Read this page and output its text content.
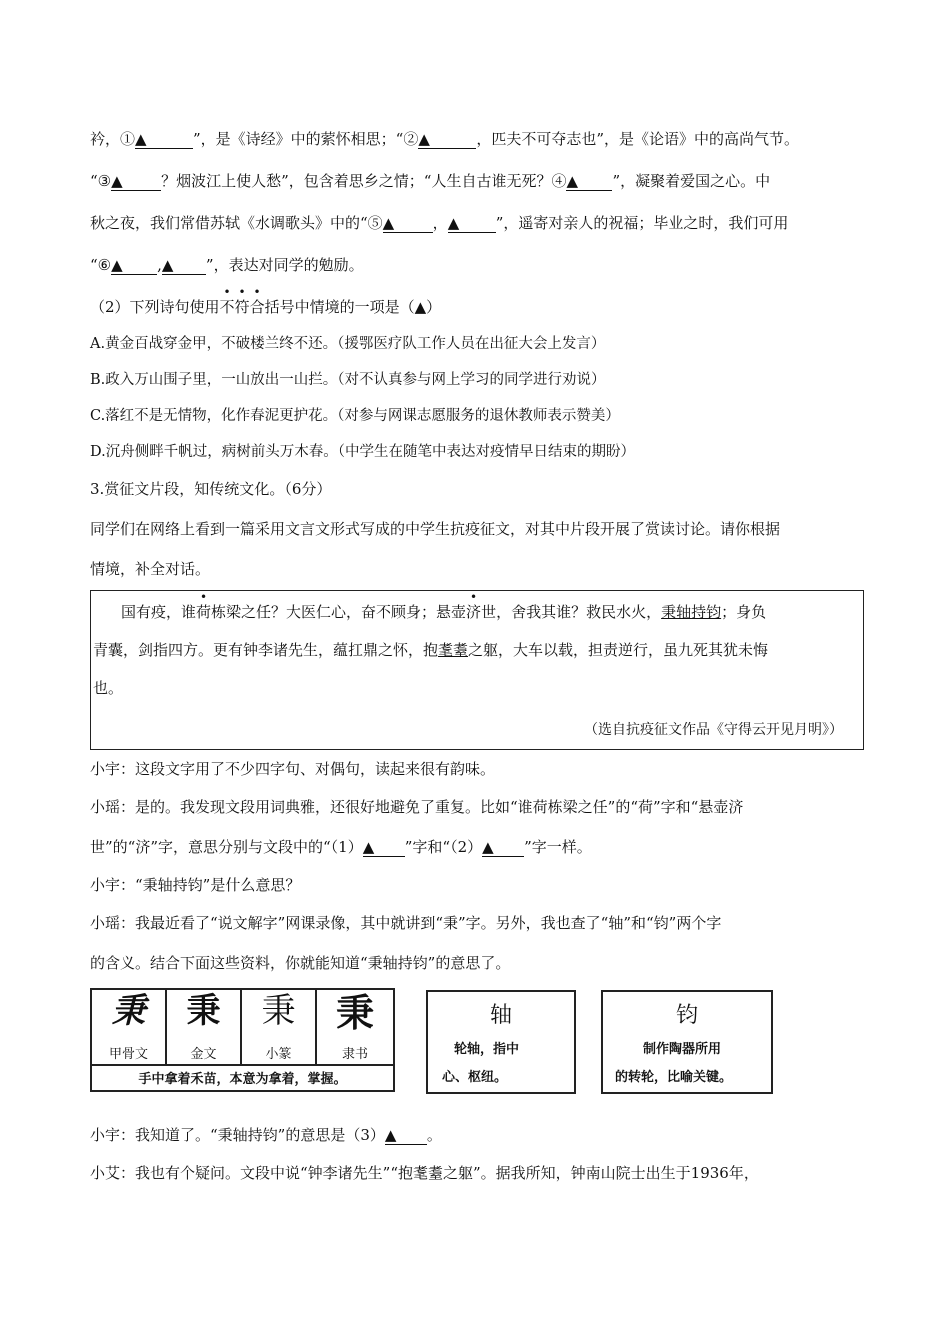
衿，①▲	”，是《诗经》中的萦怀相思；“②▲	，匹夫不可夺志也”，是《论语》中的高尚气节。
“③▲	？烟波江上使人愁”，包含着思乡之情；“人生自古谁无死？④▲ ”，凝聚着爱国之心。中
秋之夜，我们常借苏轼《水调歌头》中的“⑤▲	，▲ ”，遥寄对亲人的祝福；毕业之时，我们可用
“⑥▲ ,▲ ”，表达对同学的勉励。
（2）下列诗句使用
•
不
•
符
•
合括号中情境的一项是（▲）
A.黄金百战穿金甲，不破楼兰终不还。（援鄂医疗队工作人员在出征大会上发言）
B.政入万山围子里，一山放出一山拦。（对不认真参与网上学习的同学进行劝说）
C.落红不是无情物，化作春泥更护花。（对参与网课志愿服务的退休教师表示赞美）
D.沉舟侧畔千帆过，病树前头万木春。（中学生在随笔中表达对疫情早日结束的期盼）
3.赏征文片段，知传统文化。（6分）
同学们在网络上看到一篇采用文言文形式写成的中学生抗疫征文，对其中片段开展了赏读讨论。请你根据
情境，补全对话。
国有疫，谁
•
荷栋梁之任？大医仁心，奋不顾身；悬壶
•
济世，舍我其谁？救民水火，秉轴持钧；身负
青囊，剑指四方。更有钟李诸先生，蕴扛鼎之怀，抱耄耋之躯，大车以载，担责逆行，虽九死其犹未悔
也。
（选自抗疫征文作品《守得云开见月明》）
小宇：这段文字用了不少四字句、对偶句，读起来很有韵味。
小瑶：是的。我发现文段用词典雅，还很好地避免了重复。比如“谁荷栋梁之任”的“荷”字和“悬壶济
世”的“济”字，意思分别与文段中的“（1）▲ ”字和“（2）▲ ”字一样。
小宇：“秉轴持钧”是什么意思？
小瑶：我最近看了“说文解字”网课录像，其中就讲到“秉”字。另外，我也查了“轴”和“钧”两个字
的含义。结合下面这些资料，你就能知道“秉轴持钧”的意思了。
秉
甲骨文
秉
金文
秉
小篆
秉
隶书
手中拿着禾苗，本意为拿着，掌握。
轴
轮轴，指中
心、枢纽。
钧
制作陶器所用
的转轮，比喻关键。
小宇：我知道了。“秉轴持钧”的意思是（3）▲ 。
小艾：我也有个疑问。文段中说“钟李诸先生”“抱耄耋之躯”。据我所知，钟南山院士出生于1936年，
